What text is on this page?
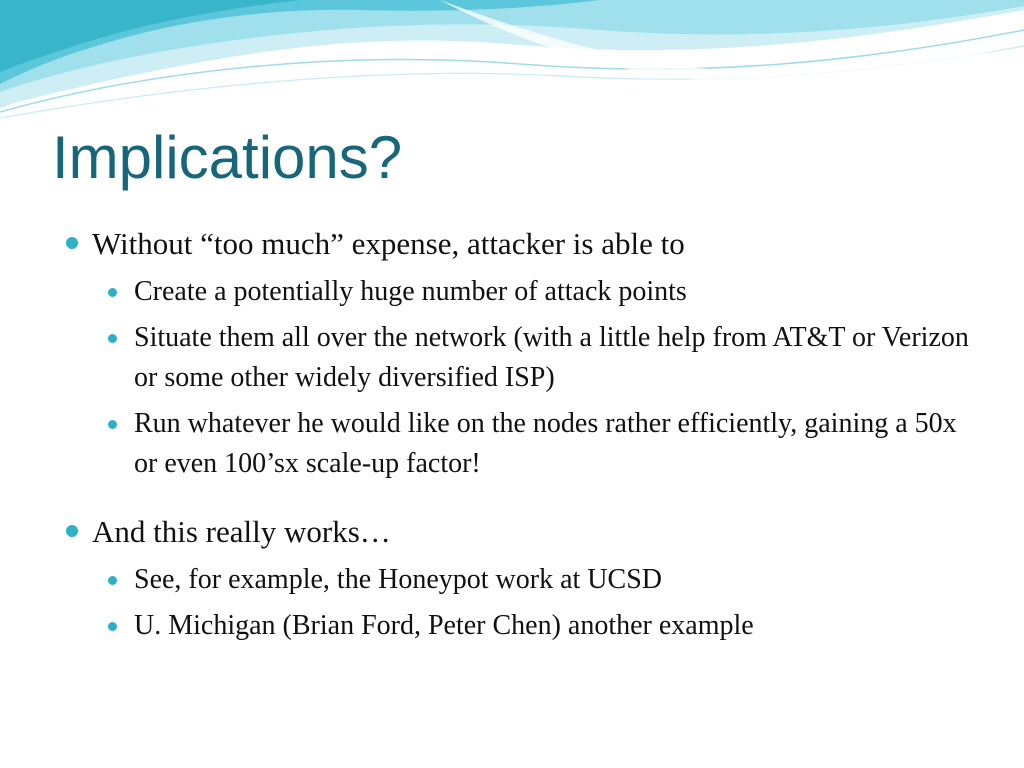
Implications?
Without “too much” expense, attacker is able to
Create a potentially huge number of attack points
Situate them all over the network (with a little help from AT&T or Verizon or some other widely diversified ISP)
Run whatever he would like on the nodes rather efficiently, gaining a 50x or even 100’sx scale-up factor!
And this really works…
See, for example, the Honeypot work at UCSD
U. Michigan (Brian Ford, Peter Chen) another example
